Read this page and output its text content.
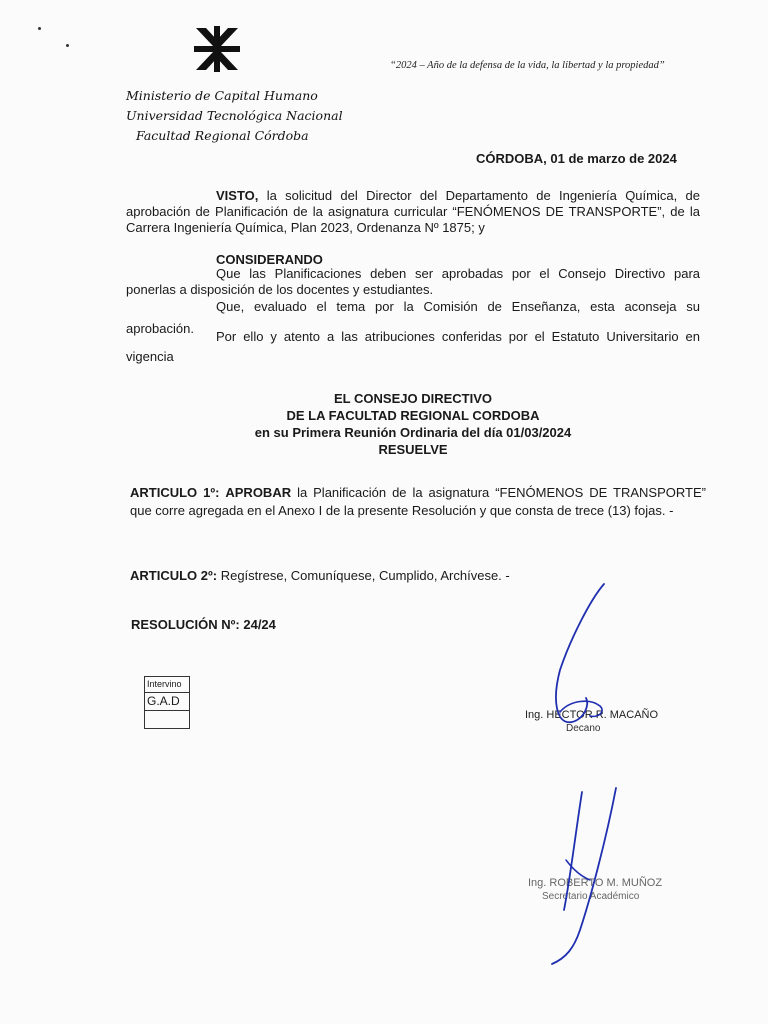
“2024 – Año de la defensa de la vida, la libertad y la propiedad”
Ministerio de Capital Humano
Universidad Tecnológica Nacional
Facultad Regional Córdoba
CÓRDOBA, 01 de marzo de 2024
VISTO, la solicitud del Director del Departamento de Ingeniería Química, de aprobación de Planificación de la asignatura curricular “FENÓMENOS DE TRANSPORTE”, de la Carrera Ingeniería Química, Plan 2023, Ordenanza Nº 1875; y
CONSIDERANDO
Que las Planificaciones deben ser aprobadas por el Consejo Directivo para ponerlas a disposición de los docentes y estudiantes.
Que, evaluado el tema por la Comisión de Enseñanza, esta aconseja su aprobación.
Por ello y atento a las atribuciones conferidas por el Estatuto Universitario en vigencia
EL CONSEJO DIRECTIVO
DE LA FACULTAD REGIONAL CORDOBA
en su Primera Reunión Ordinaria del día 01/03/2024
RESUELVE
ARTICULO 1º: APROBAR la Planificación de la asignatura “FENÓMENOS DE TRANSPORTE” que corre agregada en el Anexo I de la presente Resolución y que consta de trece (13) fojas. -
ARTICULO 2º: Regístrese, Comuníquese, Cumplido, Archívese. -
RESOLUCIÓN Nº: 24/24
Intervino
G.A.D
Ing. HECTOR R. MACAÑO
Decano
Ing. ROBERTO M. MUÑOZ
Secretario Académico
